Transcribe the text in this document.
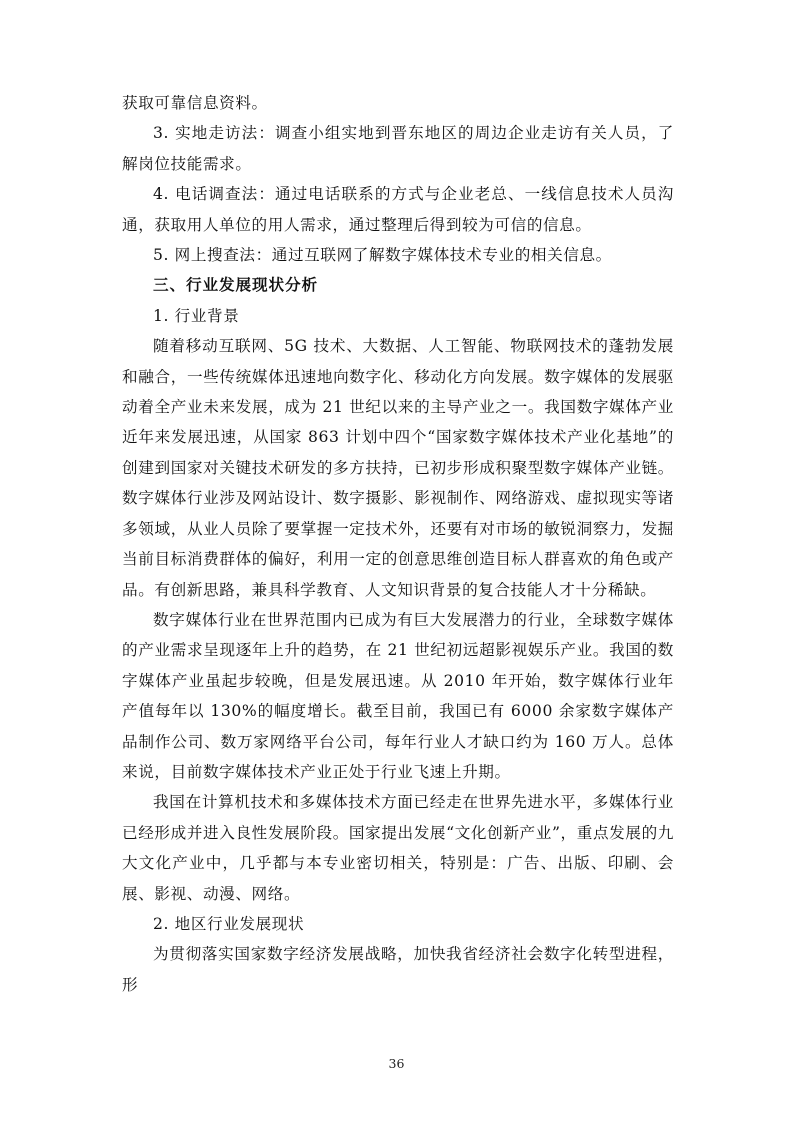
获取可靠信息资料。

3. 实地走访法：调查小组实地到晋东地区的周边企业走访有关人员，了解岗位技能需求。

4. 电话调查法：通过电话联系的方式与企业老总、一线信息技术人员沟通，获取用人单位的用人需求，通过整理后得到较为可信的信息。

5. 网上搜查法：通过互联网了解数字媒体技术专业的相关信息。

三、行业发展现状分析

1. 行业背景

随着移动互联网、5G 技术、大数据、人工智能、物联网技术的蓬勃发展和融合，一些传统媒体迅速地向数字化、移动化方向发展。数字媒体的发展驱动着全产业未来发展，成为 21 世纪以来的主导产业之一。我国数字媒体产业近年来发展迅速，从国家 863 计划中四个“国家数字媒体技术产业化基地”的创建到国家对关键技术研发的多方扶持，已初步形成积聚型数字媒体产业链。数字媒体行业涉及网站设计、数字摄影、影视制作、网络游戏、虚拟现实等诸多领域，从业人员除了要掌握一定技术外，还要有对市场的敏锐洞察力，发掘当前目标消费群体的偏好，利用一定的创意思维创造目标人群喜欢的角色或产品。有创新思路，兼具科学教育、人文知识背景的复合技能人才十分稀缺。

数字媒体行业在世界范围内已成为有巨大发展潜力的行业，全球数字媒体的产业需求呈现逐年上升的趋势，在 21 世纪初远超影视娱乐产业。我国的数字媒体产业虽起步较晚，但是发展迅速。从 2010 年开始，数字媒体行业年产值每年以 130%的幅度增长。截至目前，我国已有 6000 余家数字媒体产品制作公司、数万家网络平台公司，每年行业人才缺口约为 160 万人。总体来说，目前数字媒体技术产业正处于行业飞速上升期。

我国在计算机技术和多媒体技术方面已经走在世界先进水平，多媒体行业已经形成并进入良性发展阶段。国家提出发展“文化创新产业”，重点发展的九大文化产业中，几乎都与本专业密切相关，特别是：广告、出版、印刷、会展、影视、动漫、网络。

2. 地区行业发展现状

为贯彻落实国家数字经济发展战略，加快我省经济社会数字化转型进程，形

36
